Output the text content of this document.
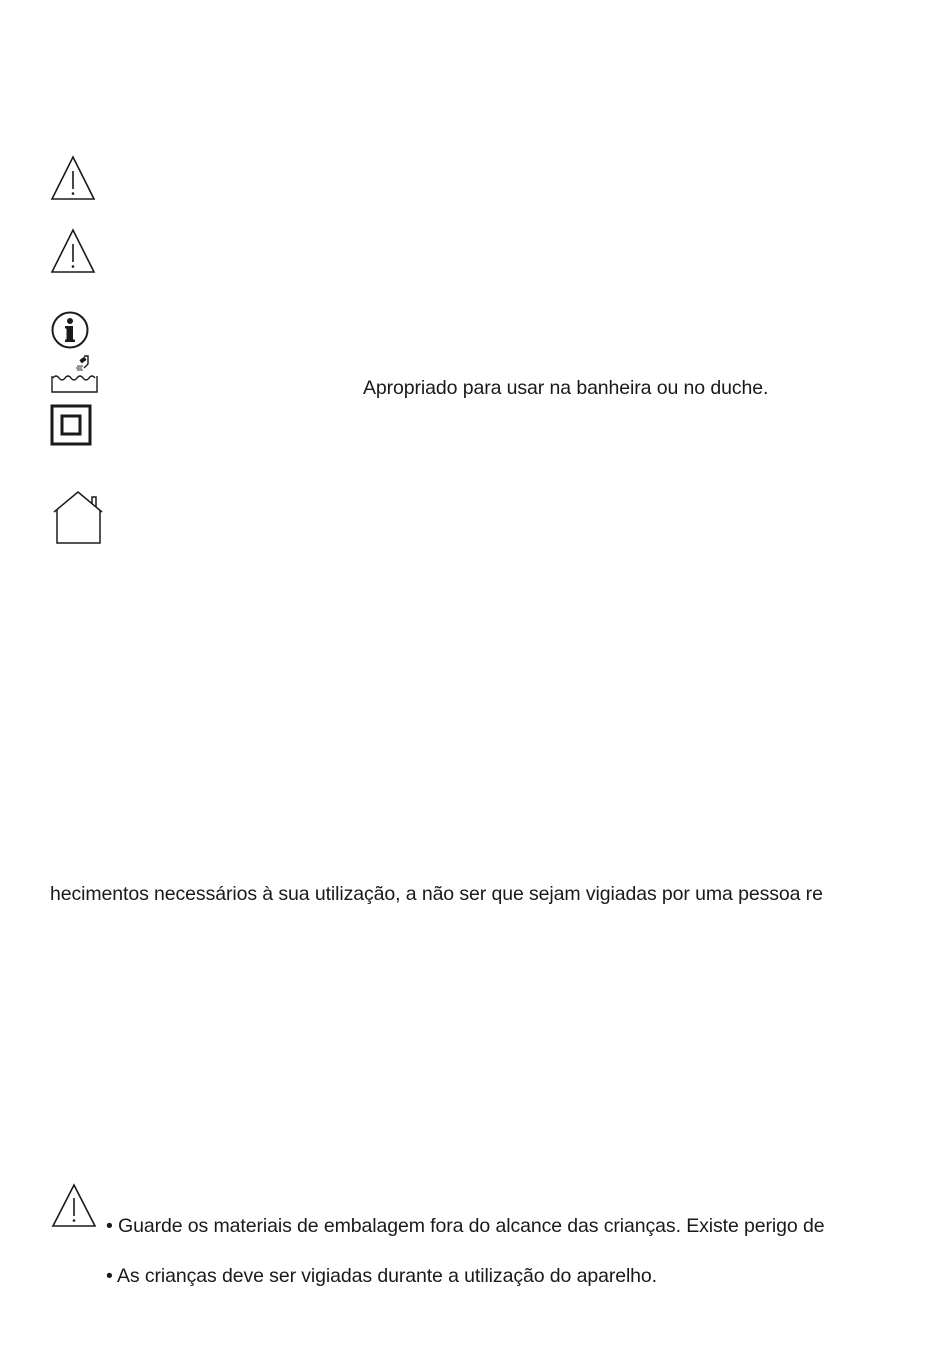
Apropriado para usar na banheira ou no duche.
hecimentos necessários à sua utilização, a não ser que sejam vigiadas por uma pessoa re
• Guarde os materiais de embalagem fora do alcance das crianças. Existe perigo de
• As crianças deve ser vigiadas durante a utilização do aparelho.
